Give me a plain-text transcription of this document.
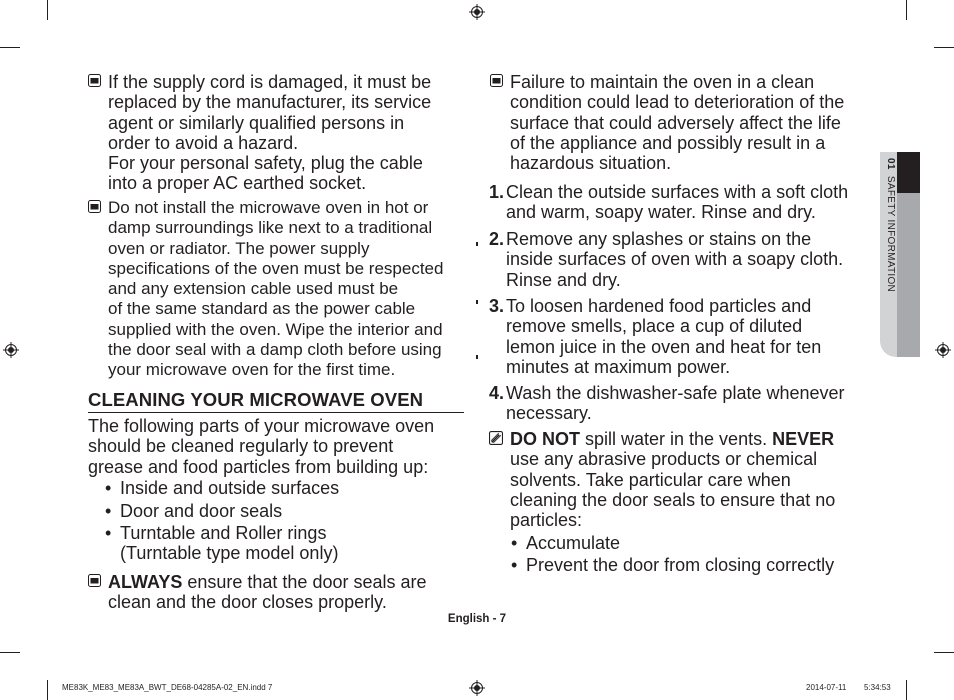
If the supply cord is damaged, it must be
replaced by the manufacturer, its service
agent or similarly qualified persons in
order to avoid a hazard.
For your personal safety, plug the cable
into a proper AC earthed socket.
Do not install the microwave oven in hot or
damp surroundings like next to a traditional
oven or radiator. The power supply
specifications of the oven must be respected
and any extension cable used must be
of the same standard as the power cable
supplied with the oven. Wipe the interior and
the door seal with a damp cloth before using
your microwave oven for the first time.
CLEANING YOUR MICROWAVE OVEN
The following parts of your microwave oven
should be cleaned regularly to prevent
grease and food particles from building up:
• Inside and outside surfaces
• Door and door seals
• Turntable and Roller rings
(Turntable type model only)
ALWAYS ensure that the door seals are
clean and the door closes properly.
Failure to maintain the oven in a clean
condition could lead to deterioration of the
surface that could adversely affect the life
of the appliance and possibly result in a
hazardous situation.
1. Clean the outside surfaces with a soft cloth
and warm, soapy water. Rinse and dry.
2. Remove any splashes or stains on the
inside surfaces of oven with a soapy cloth.
Rinse and dry.
3. To loosen hardened food particles and
remove smells, place a cup of diluted
lemon juice in the oven and heat for ten
minutes at maximum power.
4. Wash the dishwasher-safe plate whenever
necessary.
DO NOT spill water in the vents. NEVER
use any abrasive products or chemical
solvents. Take particular care when
cleaning the door seals to ensure that no
particles:
• Accumulate
• Prevent the door from closing correctly
01  SAFETY INFORMATION
English - 7
ME83K_ME83_ME83A_BWT_DE68-04285A-02_EN.indd 7	2014-07-11 5:34:53
